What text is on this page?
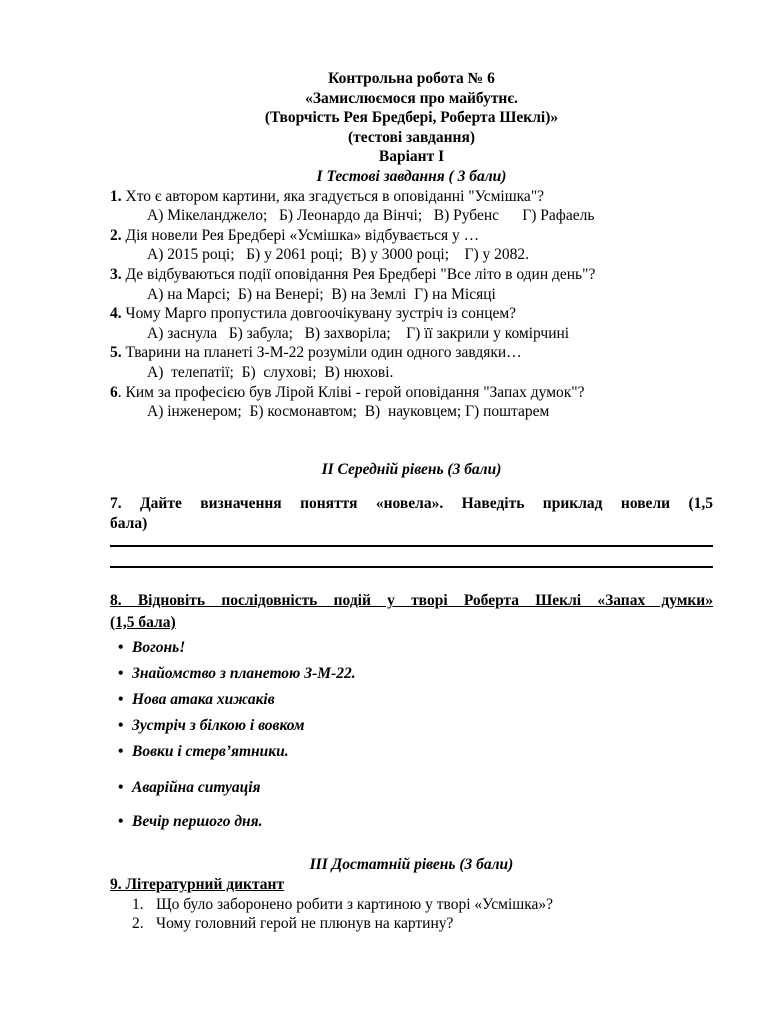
Контрольна робота № 6
«Замислюємося про майбутнє.
(Творчість Рея Бредбері, Роберта Шеклі)»
(тестові завдання)
Варіант І
І Тестові завдання ( 3 бали)
1. Хто є автором картини, яка згадується в оповіданні "Усмішка"?
А) Мікеланджело;   Б) Леонардо да Вінчі;   В) Рубенс      Г) Рафаель
2. Дія новели Рея Бредбері «Усмішка» відбувається у …
А) 2015 році;   Б) у 2061 році;  В) у 3000 році;    Г) у 2082.
3. Де відбуваються події оповідання Рея Бредбері "Все літо в один день"?
А) на Марсі;  Б) на Венері;  В) на Землі  Г) на Місяці
4. Чому Марго пропустила довгоочікувану зустріч із сонцем?
А) заснула   Б) забула;   В) захворіла;    Г) її закрили у комірчині
5. Тварини на планеті З-М-22 розуміли один одного завдяки…
А)  телепатії;  Б)  слухові;  В) нюхові.
6. Ким за професією був Лірой Кліві - герой оповідання "Запах думок"?
А) інженером;  Б) космонавтом;  В)  науковцем; Г) поштарем
ІІ Середній рівень (3 бали)
7. Дайте визначення поняття «новела». Наведіть приклад новели (1,5
бала)
8. Відновіть послідовність подій у творі Роберта Шеклі «Запах думки»
(1,5 бала)
• Вогонь!
• Знайомство з планетою З-М-22.
• Нова атака хижаків
• Зустріч з білкою і вовком
• Вовки і стерв’ятники.
• Аварійна ситуація
• Вечір першого дня.
ІІІ Достатній рівень (3 бали)
9. Літературний диктант
1. Що було заборонено робити з картиною у творі «Усмішка»?
2. Чому головний герой не плюнув на картину?
